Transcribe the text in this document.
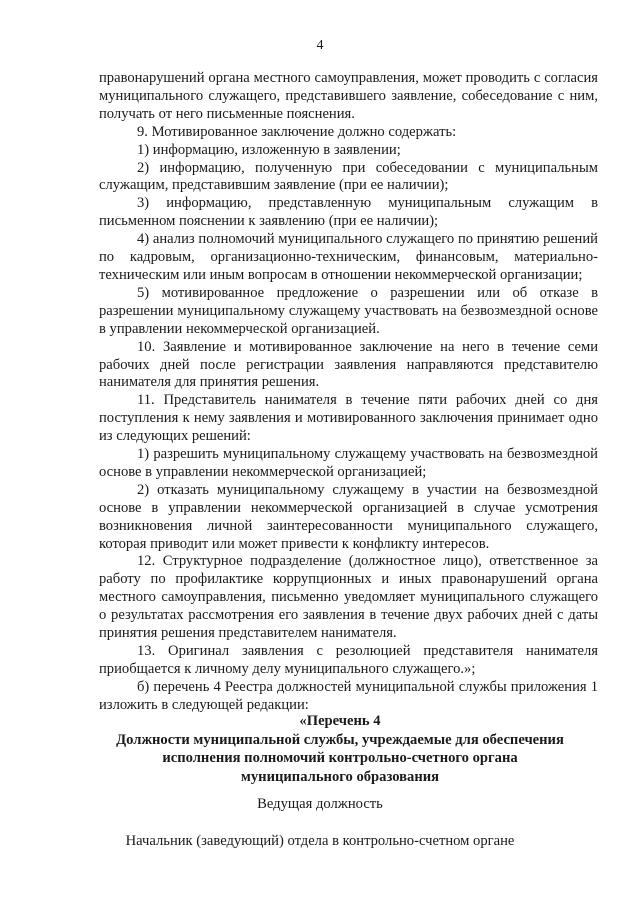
4

правонарушений органа местного самоуправления, может проводить с согласия муниципального служащего, представившего заявление, собеседование с ним, получать от него письменные пояснения.

9. Мотивированное заключение должно содержать:

1) информацию, изложенную в заявлении;

2) информацию, полученную при собеседовании с муниципальным служащим, представившим заявление (при ее наличии);

3) информацию, представленную муниципальным служащим в письменном пояснении к заявлению (при ее наличии);

4) анализ полномочий муниципального служащего по принятию решений по кадровым, организационно-техническим, финансовым, материально-техническим или иным вопросам в отношении некоммерческой организации;

5) мотивированное предложение о разрешении или об отказе в разрешении муниципальному служащему участвовать на безвозмездной основе в управлении некоммерческой организацией.

10. Заявление и мотивированное заключение на него в течение семи рабочих дней после регистрации заявления направляются представителю нанимателя для принятия решения.

11. Представитель нанимателя в течение пяти рабочих дней со дня поступления к нему заявления и мотивированного заключения принимает одно из следующих решений:

1) разрешить муниципальному служащему участвовать на безвозмездной основе в управлении некоммерческой организацией;

2) отказать муниципальному служащему в участии на безвозмездной основе в управлении некоммерческой организацией в случае усмотрения возникновения личной заинтересованности муниципального служащего, которая приводит или может привести к конфликту интересов.

12. Структурное подразделение (должностное лицо), ответственное за работу по профилактике коррупционных и иных правонарушений органа местного самоуправления, письменно уведомляет муниципального служащего о результатах рассмотрения его заявления в течение двух рабочих дней с даты принятия решения представителем нанимателя.

13. Оригинал заявления с резолюцией представителя нанимателя приобщается к личному делу муниципального служащего.»;

б) перечень 4 Реестра должностей муниципальной службы приложения 1 изложить в следующей редакции:

«Перечень 4
Должности муниципальной службы, учреждаемые для обеспечения
исполнения полномочий контрольно-счетного органа
муниципального образования
Ведущая должность
Начальник (заведующий) отдела в контрольно-счетном органе
